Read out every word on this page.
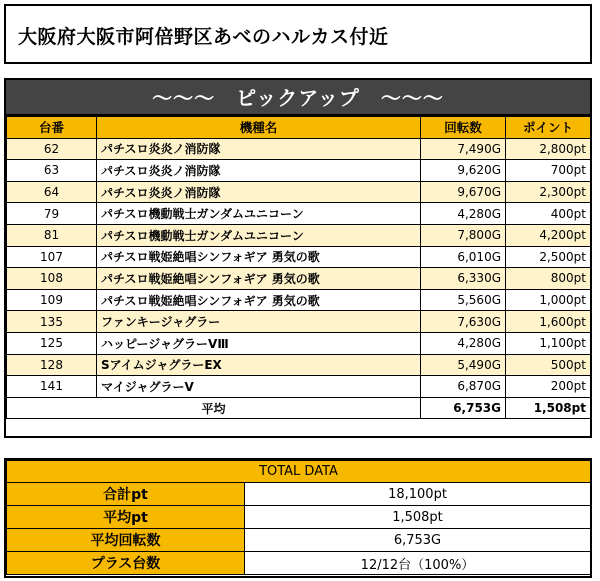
大阪府大阪市阿倍野区あべのハルカス付近
～～～　ピックアップ　～～～
台番	機種名	回転数	ポイント
62	パチスロ炎炎ノ消防隊	7,490G	2,800pt
63	パチスロ炎炎ノ消防隊	9,620G	700pt
64	パチスロ炎炎ノ消防隊	9,670G	2,300pt
79	パチスロ機動戦士ガンダムユニコーン	4,280G	400pt
81	パチスロ機動戦士ガンダムユニコーン	7,800G	4,200pt
107	パチスロ戦姫絶唱シンフォギア 勇気の歌	6,010G	2,500pt
108	パチスロ戦姫絶唱シンフォギア 勇気の歌	6,330G	800pt
109	パチスロ戦姫絶唱シンフォギア 勇気の歌	5,560G	1,000pt
135	ファンキージャグラー	7,630G	1,600pt
125	ハッピージャグラーVⅢ	4,280G	1,100pt
128	SアイムジャグラーEX	5,490G	500pt
141	マイジャグラーV	6,870G	200pt
平均		6,753G	1,508pt
TOTAL DATA	
合計pt	18,100pt
平均pt	1,508pt
平均回転数	6,753G
プラス台数	12/12台（100%）
